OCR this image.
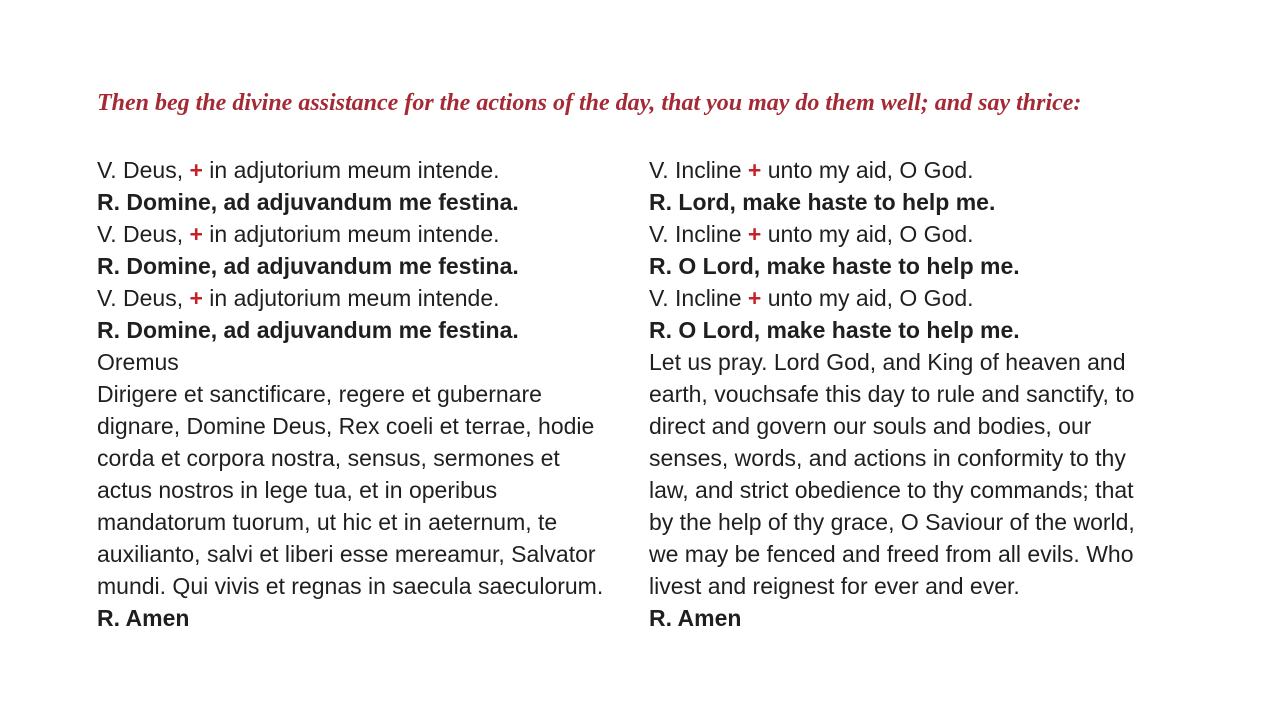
Then beg the divine assistance for the actions of the day, that you may do them well; and say thrice:
V. Deus, + in adjutorium meum intende.
R. Domine, ad adjuvandum me festina.
V. Deus, + in adjutorium meum intende.
R. Domine, ad adjuvandum me festina.
V. Deus, + in adjutorium meum intende.
R. Domine, ad adjuvandum me festina.
Oremus
Dirigere et sanctificare, regere et gubernare
dignare, Domine Deus, Rex coeli et terrae, hodie
corda et corpora nostra, sensus, sermones et
actus nostros in lege tua, et in operibus
mandatorum tuorum, ut hic et in aeternum, te
auxilianto, salvi et liberi esse mereamur, Salvator
mundi. Qui vivis et regnas in saecula saeculorum.
R. Amen
V. Incline + unto my aid, O God.
R. Lord, make haste to help me.
V. Incline + unto my aid, O God.
R. O Lord, make haste to help me.
V. Incline + unto my aid, O God.
R. O Lord, make haste to help me.
Let us pray. Lord God, and King of heaven and
earth, vouchsafe this day to rule and sanctify, to
direct and govern our souls and bodies, our
senses, words, and actions in conformity to thy
law, and strict obedience to thy commands; that
by the help of thy grace, O Saviour of the world,
we may be fenced and freed from all evils. Who
livest and reignest for ever and ever.
R. Amen
